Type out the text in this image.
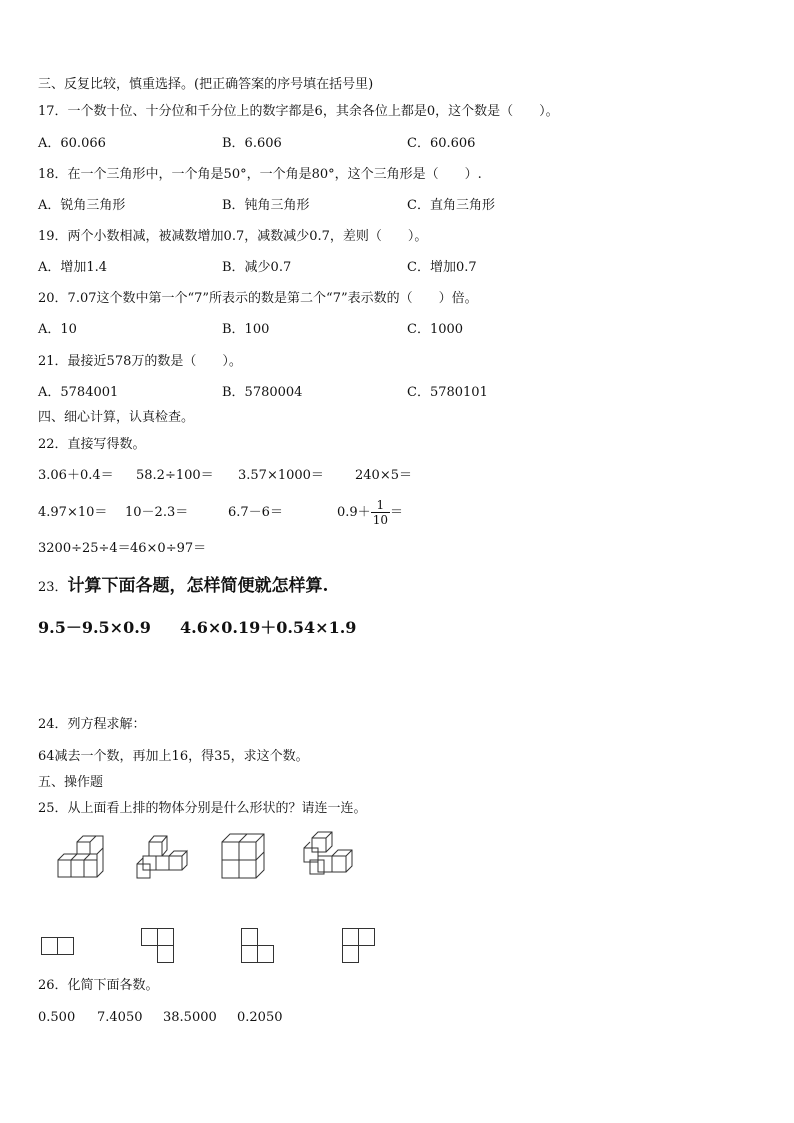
三、反复比较，慎重选择。(把正确答案的序号填在括号里)
17．一个数十位、十分位和千分位上的数字都是6，其余各位上都是0，这个数是（　　）。
A．60.066	B．6.606	C．60.606
18．在一个三角形中，一个角是50°，一个角是80°，这个三角形是（　　）.
A．锐角三角形	B．钝角三角形	C．直角三角形
19．两个小数相减，被减数增加0.7，减数减少0.7，差则（　　）。
A．增加1.4	B．减少0.7	C．增加0.7
20．7.07这个数中第一个“7”所表示的数是第二个“7”表示数的（　　）倍。
A．10	B．100	C．1000
21．最接近578万的数是（　　）。
A．5784001	B．5780004	C．5780101
四、细心计算，认真检查。
22．直接写得数。
3.06＋0.4＝ 58.2÷100＝ 3.57×1000＝ 240×5＝
4.97×10＝ 10－2.3＝	6.7－6＝	$0.9+ \frac{1}{10}$ ＝
3200÷25÷4＝ 46×0÷97＝
23．计算下面各题，怎样简便就怎样算.
9.5－9.5×0.9 4.6×0.19＋0.54×1.9
24．列方程求解：
64减去一个数，再加上16，得35，求这个数。
五、操作题
25．从上面看上排的物体分别是什么形状的？请连一连。
26．化简下面各数。
0.500 7.4050 38.5000 0.2050
